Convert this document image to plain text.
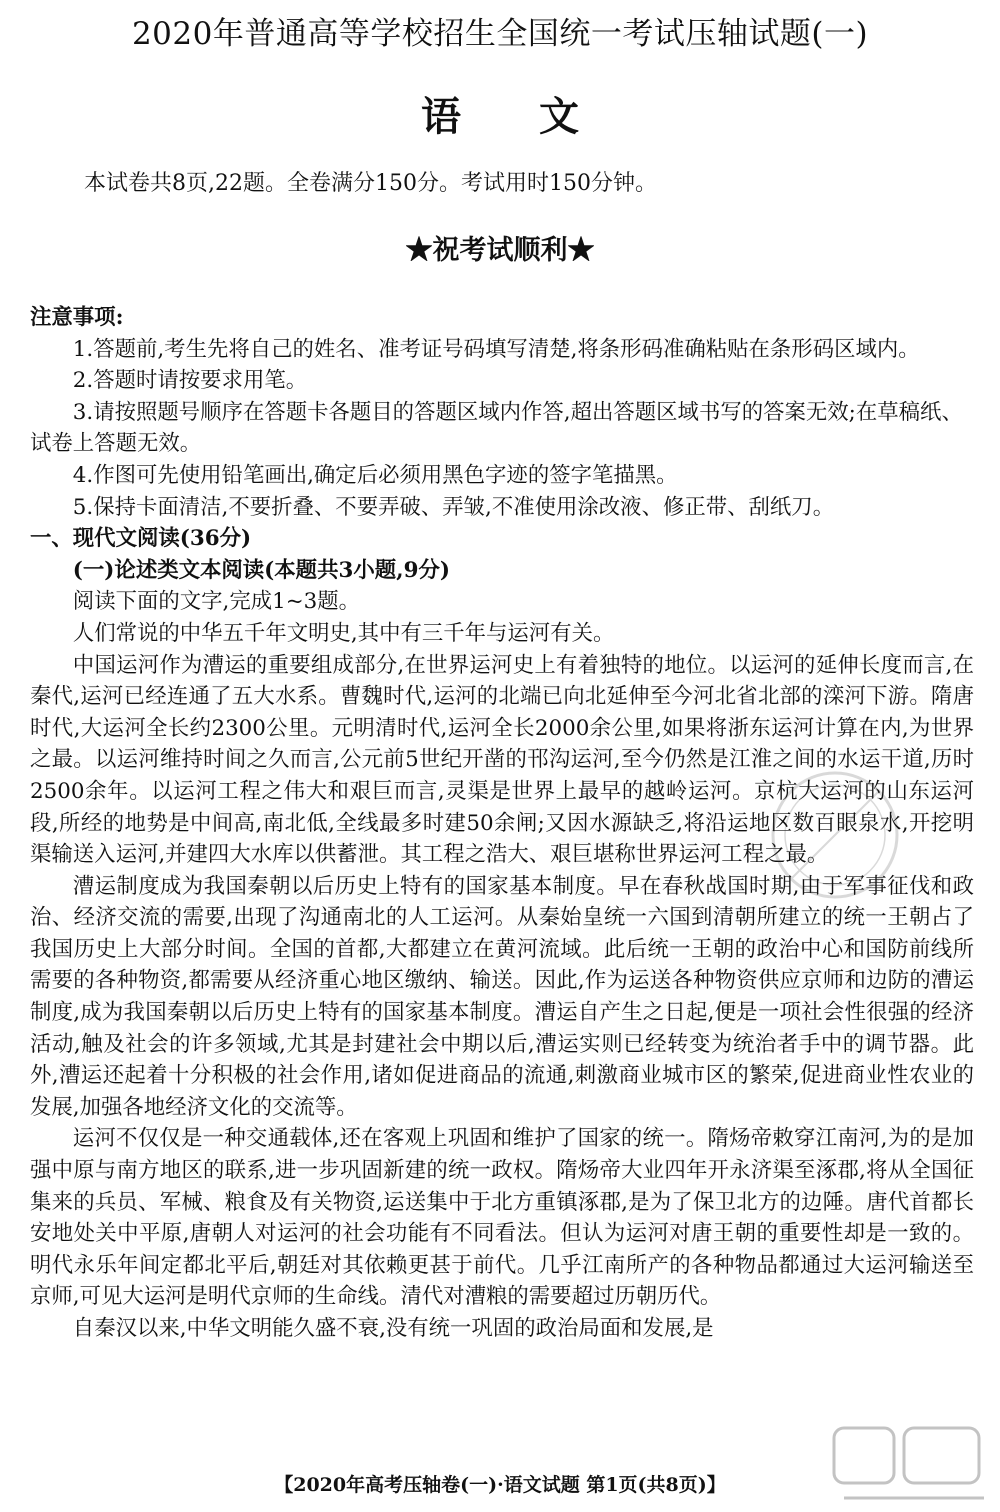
2020年普通高等学校招生全国统一考试压轴试题(一)
语文

本试卷共8页,22题。全卷满分150分。考试用时150分钟。

★祝考试顺利★

注意事项:

1.答题前,考生先将自己的姓名、准考证号码填写清楚,将条形码准确粘贴在条形码区域内。

2.答题时请按要求用笔。

3.请按照题号顺序在答题卡各题目的答题区域内作答,超出答题区域书写的答案无效;在草稿纸、试卷上答题无效。

4.作图可先使用铅笔画出,确定后必须用黑色字迹的签字笔描黑。

5.保持卡面清洁,不要折叠、不要弄破、弄皱,不准使用涂改液、修正带、刮纸刀。

一、现代文阅读(36分)

(一)论述类文本阅读(本题共3小题,9分)

阅读下面的文字,完成1~3题。

人们常说的中华五千年文明史,其中有三千年与运河有关。

中国运河作为漕运的重要组成部分,在世界运河史上有着独特的地位。以运河的延伸长度而言,在秦代,运河已经连通了五大水系。曹魏时代,运河的北端已向北延伸至今河北省北部的滦河下游。隋唐时代,大运河全长约2300公里。元明清时代,运河全长2000余公里,如果将浙东运河计算在内,为世界之最。以运河维持时间之久而言,公元前5世纪开凿的邗沟运河,至今仍然是江淮之间的水运干道,历时2500余年。以运河工程之伟大和艰巨而言,灵渠是世界上最早的越岭运河。京杭大运河的山东运河段,所经的地势是中间高,南北低,全线最多时建50余闸;又因水源缺乏,将沿运地区数百眼泉水,开挖明渠输送入运河,并建四大水库以供蓄泄。其工程之浩大、艰巨堪称世界运河工程之最。

漕运制度成为我国秦朝以后历史上特有的国家基本制度。早在春秋战国时期,由于军事征伐和政治、经济交流的需要,出现了沟通南北的人工运河。从秦始皇统一六国到清朝所建立的统一王朝占了我国历史上大部分时间。全国的首都,大都建立在黄河流域。此后统一王朝的政治中心和国防前线所需要的各种物资,都需要从经济重心地区缴纳、输送。因此,作为运送各种物资供应京师和边防的漕运制度,成为我国秦朝以后历史上特有的国家基本制度。漕运自产生之日起,便是一项社会性很强的经济活动,触及社会的许多领域,尤其是封建社会中期以后,漕运实则已经转变为统治者手中的调节器。此外,漕运还起着十分积极的社会作用,诸如促进商品的流通,刺激商业城市区的繁荣,促进商业性农业的发展,加强各地经济文化的交流等。

运河不仅仅是一种交通载体,还在客观上巩固和维护了国家的统一。隋炀帝敕穿江南河,为的是加强中原与南方地区的联系,进一步巩固新建的统一政权。隋炀帝大业四年开永济渠至涿郡,将从全国征集来的兵员、军械、粮食及有关物资,运送集中于北方重镇涿郡,是为了保卫北方的边陲。唐代首都长安地处关中平原,唐朝人对运河的社会功能有不同看法。但认为运河对唐王朝的重要性却是一致的。明代永乐年间定都北平后,朝廷对其依赖更甚于前代。几乎江南所产的各种物品都通过大运河输送至京师,可见大运河是明代京师的生命线。清代对漕粮的需要超过历朝历代。

自秦汉以来,中华文明能久盛不衰,没有统一巩固的政治局面和发展,是

【2020年高考压轴卷(一)·语文试题 第1页(共8页)】
